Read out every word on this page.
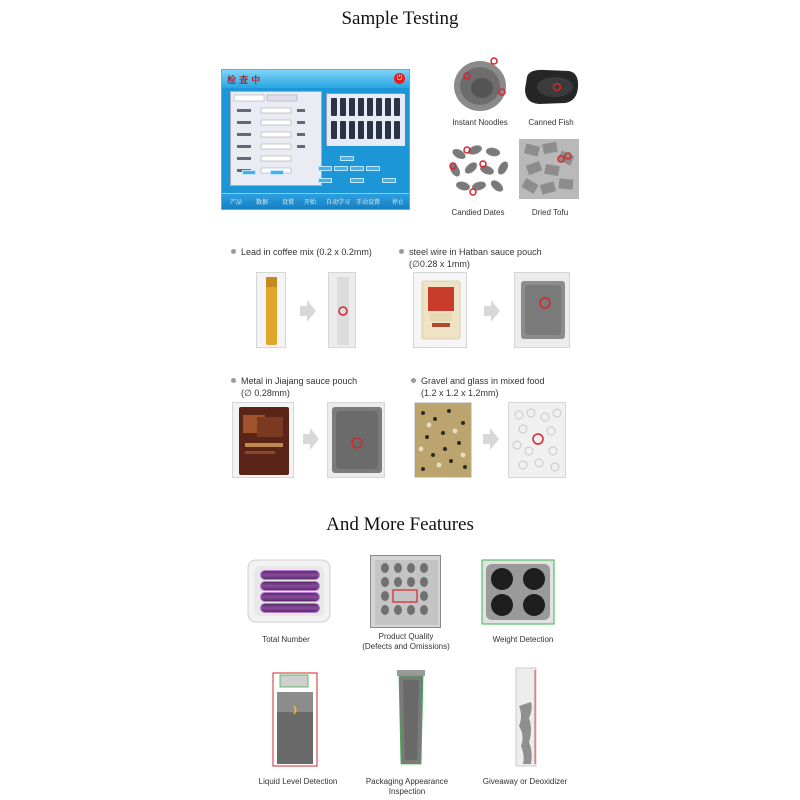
Sample Testing
检 查 中	⏻
产品 数据 设置 开始 自动学习 手动设置 停止
Instant Noodles	Canned Fish
Candied Dates	Dried Tofu
Lead in coffee mix (0.2 x 0.2mm)	steel wire in Hatban sauce pouch
(∅0.28 x 1mm)
Metal in Jiajang sauce pouch
(∅ 0.28mm)
Gravel and glass in mixed food
(1.2 x 1.2 x 1.2mm)
And More Features
Total Number	Product Quality
(Defects and Omissions)
Weight Detection
Liquid Level Detection	Packaging Appearance
Inspection
Giveaway or Deoxidizer
